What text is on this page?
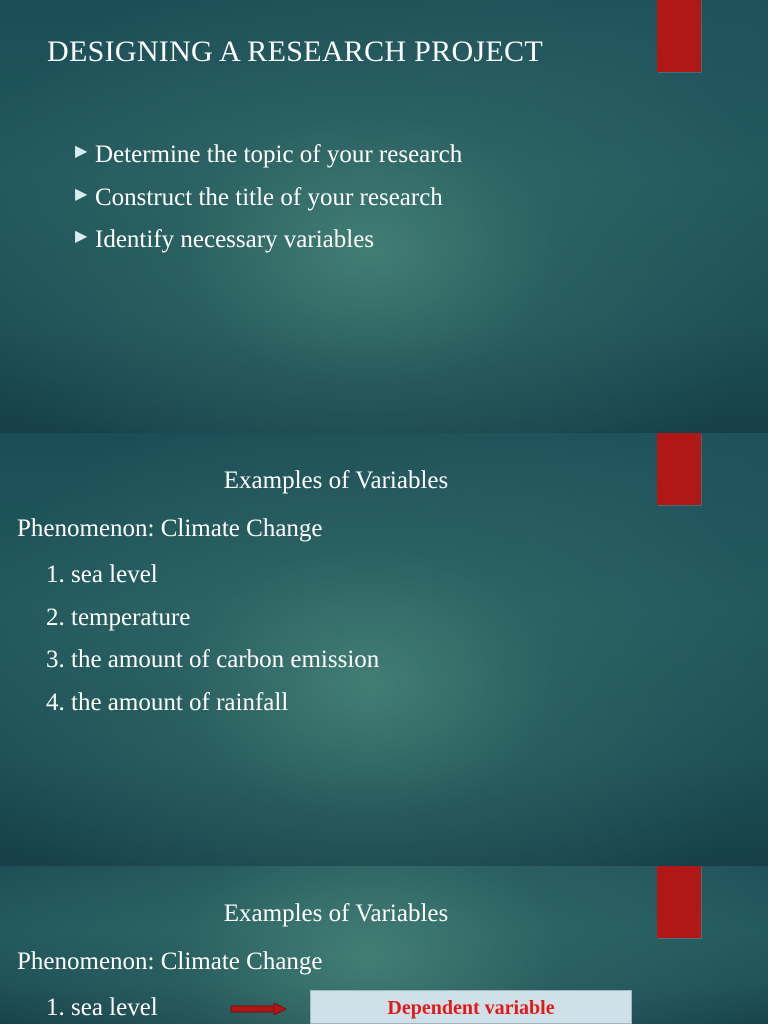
DESIGNING A RESEARCH PROJECT
▶ Determine the topic of your research
▶ Construct the title of your research
▶ Identify necessary variables
Examples of Variables
Phenomenon: Climate Change
1. sea level
2. temperature
3. the amount of carbon emission
4. the amount of rainfall
Examples of Variables
Phenomenon: Climate Change
1. sea level	Dependent variable
